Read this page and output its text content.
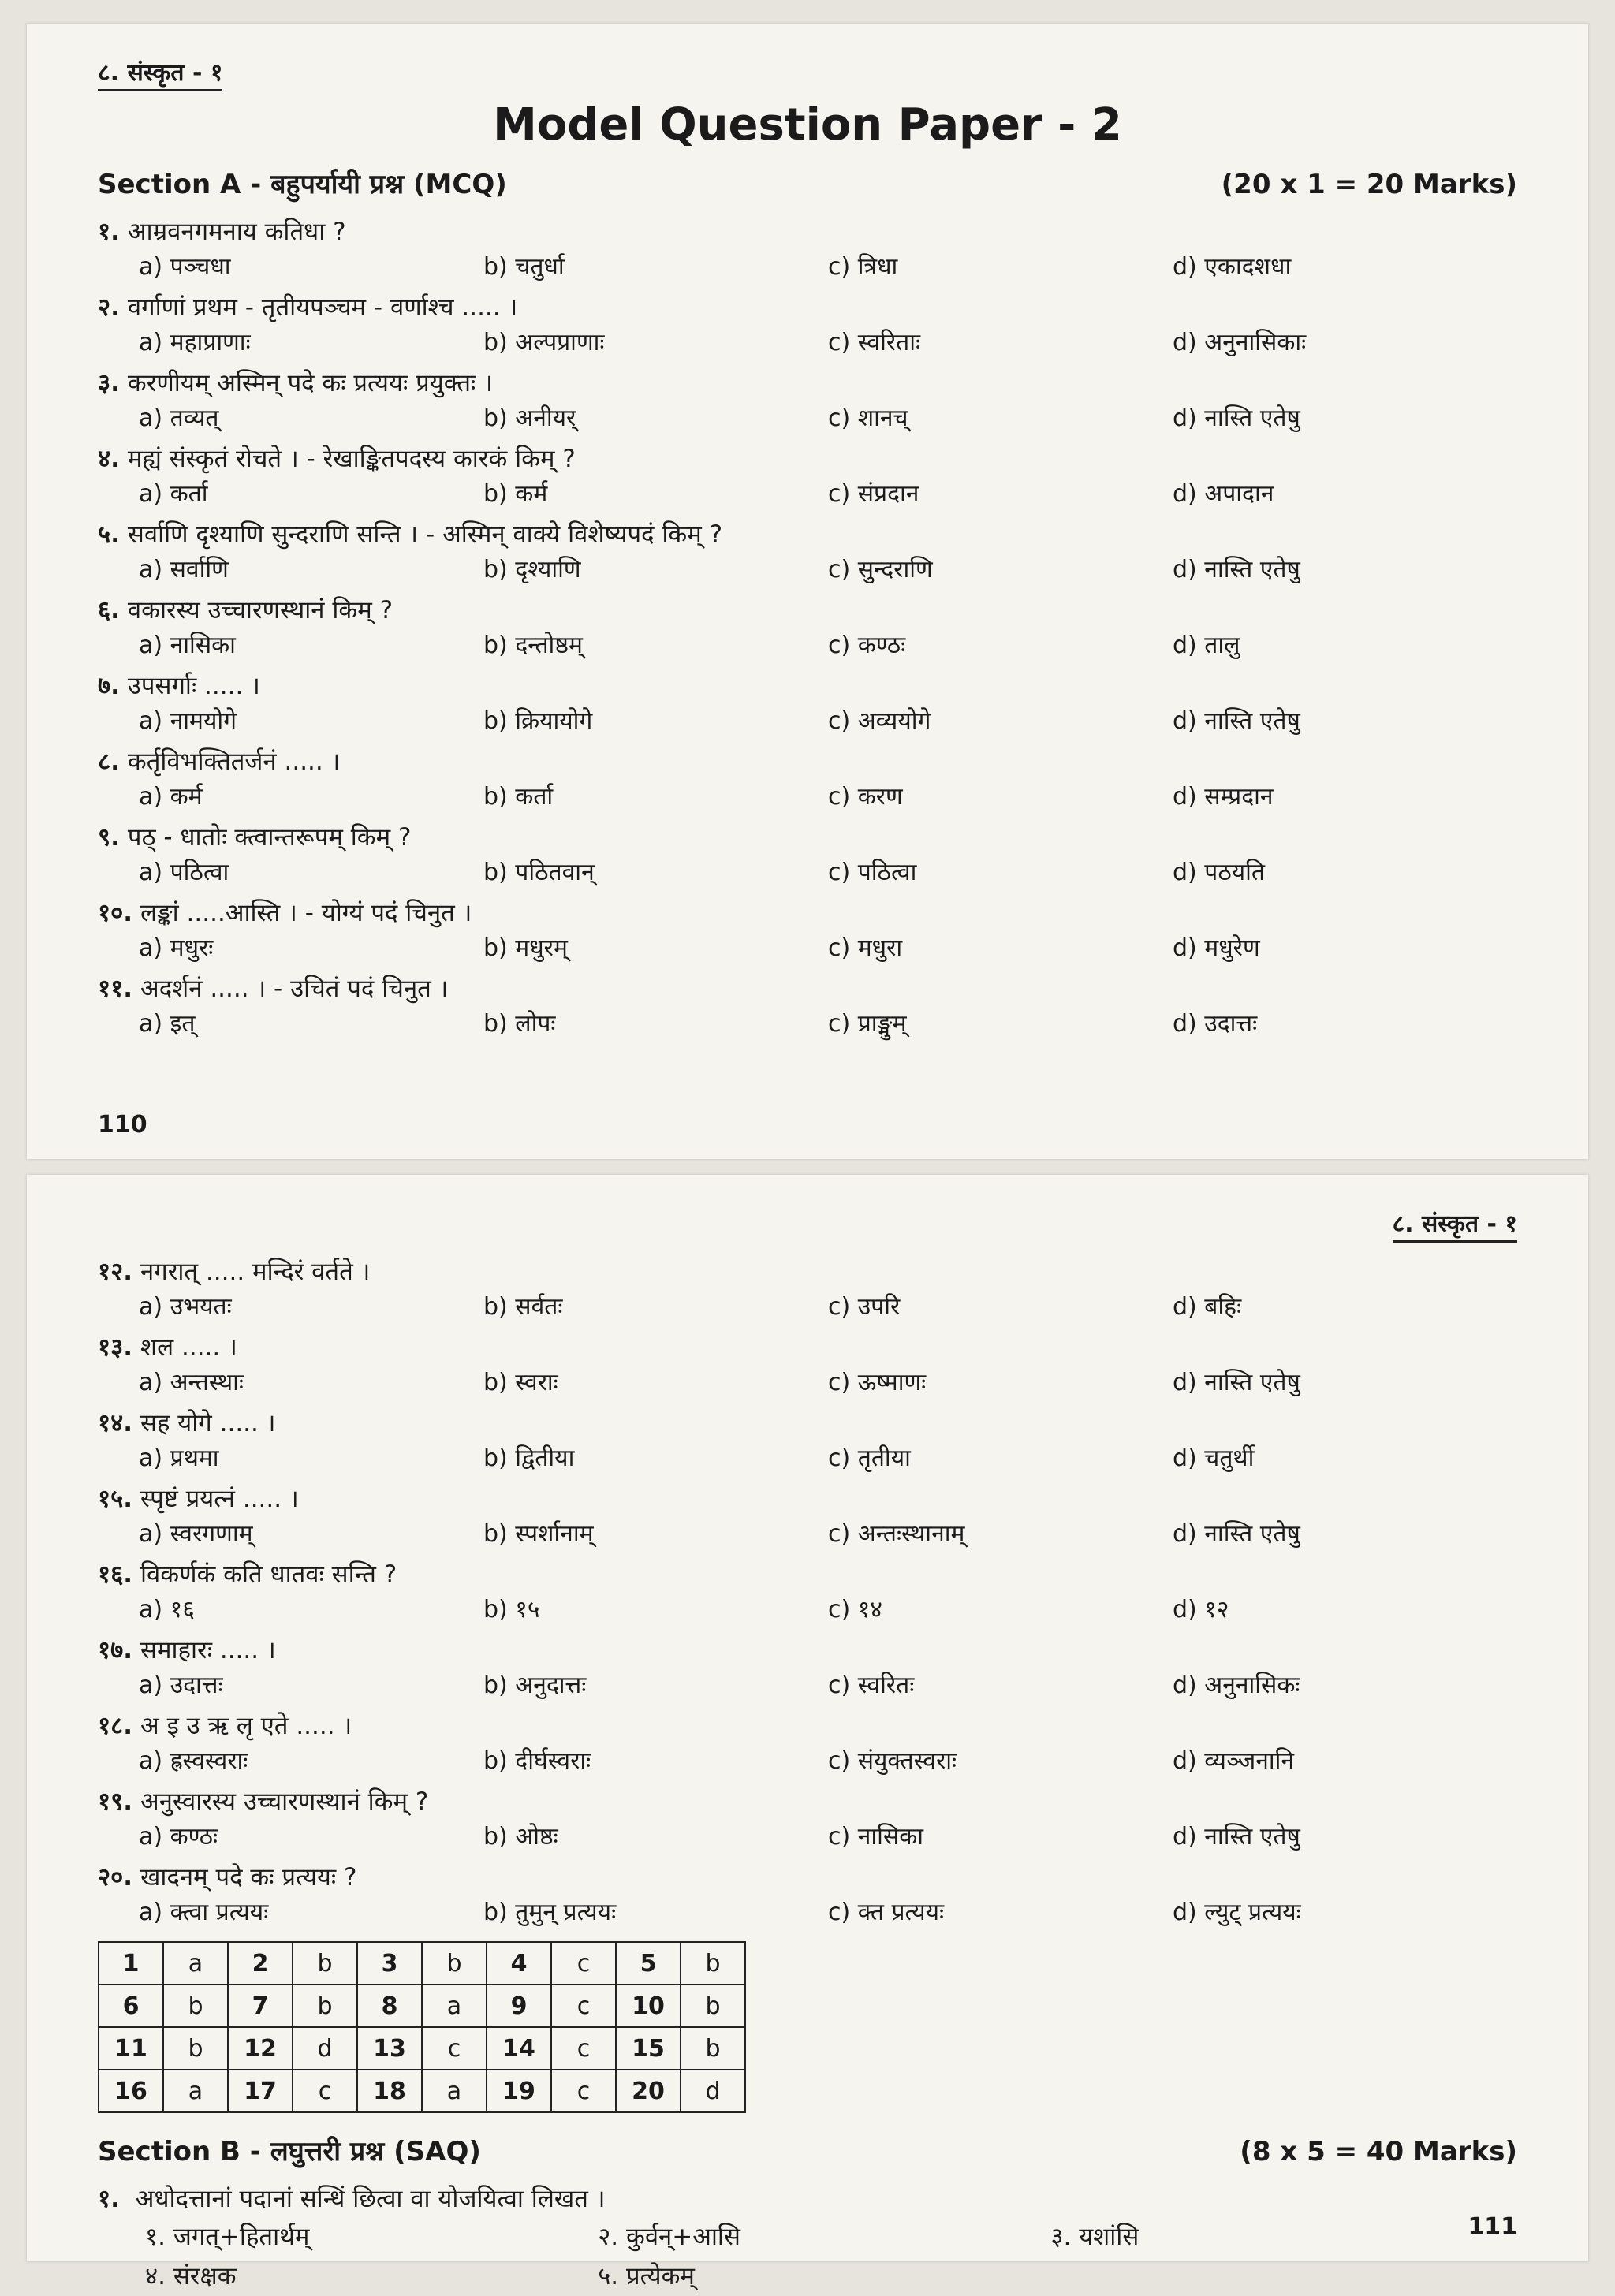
८. संस्कृत - १
Model Question Paper - 2
Section A - बहुपर्यायी प्रश्न (MCQ)	(20 x 1 = 20 Marks)
१. आम्रवनगमनाय कतिधा ?
a) पञ्चधा	b) चतुर्धा	c) त्रिधा	d) एकादशधा
२. वर्गाणां प्रथम - तृतीयपञ्चम - वर्णाश्च ..... ।
a) महाप्राणाः	b) अल्पप्राणाः	c) स्वरिताः	d) अनुनासिकाः
३. करणीयम् अस्मिन् पदे कः प्रत्ययः प्रयुक्तः ।
a) तव्यत्	b) अनीयर्	c) शानच्	d) नास्ति एतेषु
४. मह्यं संस्कृतं रोचते । - रेखाङ्कितपदस्य कारकं किम् ?
a) कर्ता	b) कर्म	c) संप्रदान	d) अपादान
५. सर्वाणि दृश्याणि सुन्दराणि सन्ति । - अस्मिन् वाक्ये विशेष्यपदं किम् ?
a) सर्वाणि	b) दृश्याणि	c) सुन्दराणि	d) नास्ति एतेषु
६. वकारस्य उच्चारणस्थानं किम् ?
a) नासिका	b) दन्तोष्ठम्	c) कण्ठः	d) तालु
७. उपसर्गाः ..... ।
a) नामयोगे	b) क्रियायोगे	c) अव्ययोगे	d) नास्ति एतेषु
८. कर्तृविभक्तितर्जनं ..... ।
a) कर्म	b) कर्ता	c) करण	d) सम्प्रदान
९. पठ् - धातोः क्त्वान्तरूपम् किम् ?
a) पठित्वा	b) पठितवान्	c) पठित्वा	d) पठयति
१०. लङ्कां .....आस्ति । - योग्यं पदं चिनुत ।
a) मधुरः	b) मधुरम्	c) मधुरा	d) मधुरेण
११. अदर्शनं ..... । - उचितं पदं चिनुत ।
a) इत्	b) लोपः	c) प्राङ्मुम्	d) उदात्तः
110
८. संस्कृत - १
१२. नगरात् ..... मन्दिरं वर्तते ।
a) उभयतः	b) सर्वतः	c) उपरि	d) बहिः
१३. शल ..... ।
a) अन्तस्थाः	b) स्वराः	c) ऊष्माणः	d) नास्ति एतेषु
१४. सह योगे ..... ।
a) प्रथमा	b) द्वितीया	c) तृतीया	d) चतुर्थी
१५. स्पृष्टं प्रयत्नं ..... ।
a) स्वरगणाम्	b) स्पर्शानाम्	c) अन्तःस्थानाम्	d) नास्ति एतेषु
१६. विकर्णकं कति धातवः सन्ति ?
a) १६	b) १५	c) १४	d) १२
१७. समाहारः ..... ।
a) उदात्तः	b) अनुदात्तः	c) स्वरितः	d) अनुनासिकः
१८. अ इ उ ऋ लृ एते ..... ।
a) ह्रस्वस्वराः	b) दीर्घस्वराः	c) संयुक्तस्वराः	d) व्यञ्जनानि
१९. अनुस्वारस्य उच्चारणस्थानं किम् ?
a) कण्ठः	b) ओष्ठः	c) नासिका	d) नास्ति एतेषु
२०. खादनम् पदे कः प्रत्ययः ?
a) क्त्वा प्रत्ययः	b) तुमुन् प्रत्ययः	c) क्त प्रत्ययः	d) ल्युट् प्रत्ययः
1	a	2	b	3	b	4	c	5	b
6	b	7	b	8	a	9	c	10	b
11	b	12	d	13	c	14	c	15	b
16	a	17	c	18	a	19	c	20	d
Section B - लघुत्तरी प्रश्न (SAQ)	(8 x 5 = 40 Marks)
१. अधोदत्तानां पदानां सन्धिं छित्वा वा योजयित्वा लिखत ।
१. जगत्+हितार्थम्	२. कुर्वन्+आसि	३. यशांसि
४. संरक्षक	५. प्रत्येकम्
111
